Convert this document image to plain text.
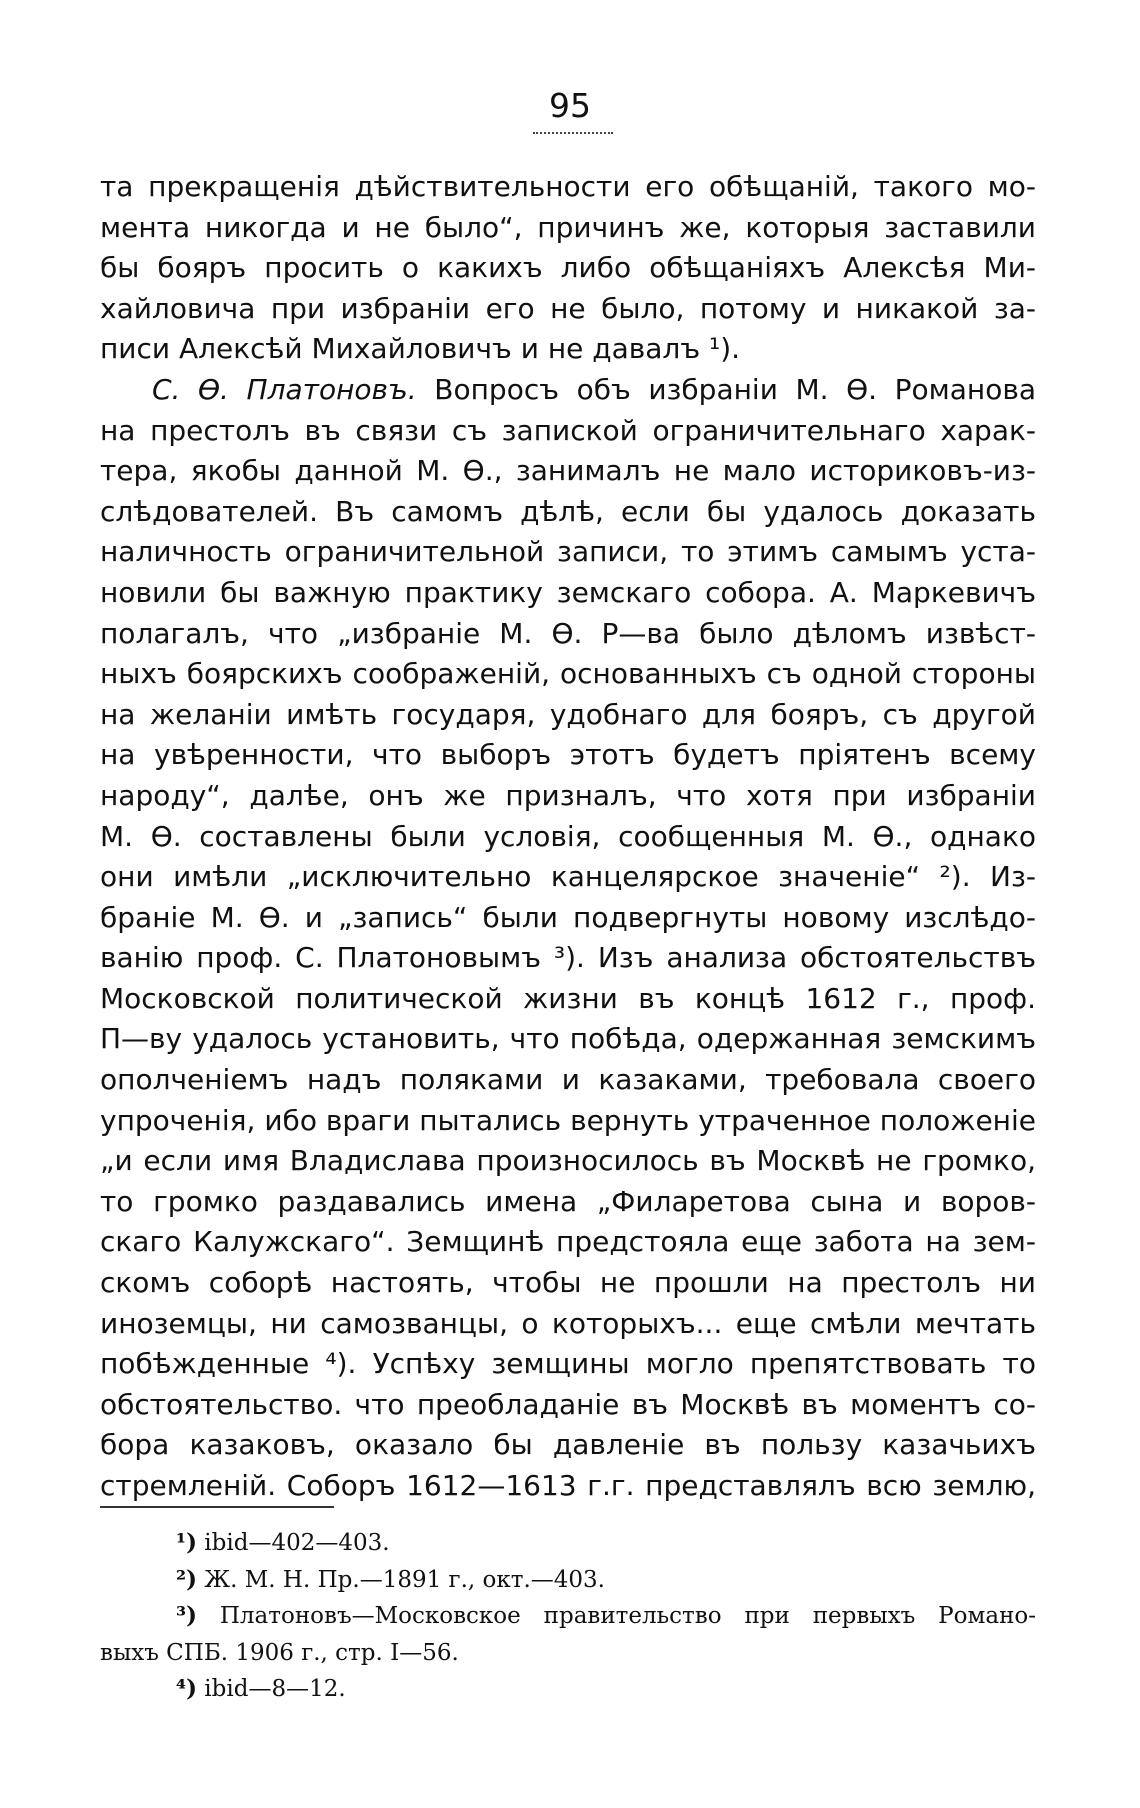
95
та прекращенія дѣйствительности его обѣщаній, такого мо-
мента никогда и не было“, причинъ же, которыя заставили
бы бояръ просить о какихъ либо обѣщаніяхъ Алексѣя Ми-
хайловича при избраніи его не было, потому и никакой за-
писи Алексѣй Михайловичъ и не давалъ ¹).
С. Ѳ. Платоновъ. Вопросъ объ избраніи М. Ѳ. Романова
на престолъ въ связи съ запиской ограничительнаго харак-
тера, якобы данной М. Ѳ., занималъ не мало историковъ-из-
слѣдователей. Въ самомъ дѣлѣ, если бы удалось доказать
наличность ограничительной записи, то этимъ самымъ уста-
новили бы важную практику земскаго собора. А. Маркевичъ
полагалъ, что „избраніе М. Ѳ. Р—ва было дѣломъ извѣст-
ныхъ боярскихъ соображеній, основанныхъ съ одной стороны
на желаніи имѣть государя, удобнаго для бояръ, съ другой
на увѣренности, что выборъ этотъ будетъ пріятенъ всему
народу“, далѣе, онъ же призналъ, что хотя при избраніи
М. Ѳ. составлены были условія, сообщенныя М. Ѳ., однако
они имѣли „исключительно канцелярское значеніе“ ²). Из-
браніе М. Ѳ. и „запись“ были подвергнуты новому изслѣдо-
ванію проф. С. Платоновымъ ³). Изъ анализа обстоятельствъ
Московской политической жизни въ концѣ 1612 г., проф.
П—ву удалось установить, что побѣда, одержанная земскимъ
ополченіемъ надъ поляками и казаками, требовала своего
упроченія, ибо враги пытались вернуть утраченное положеніе
„и если имя Владислава произносилось въ Москвѣ не громко,
то громко раздавались имена „Филаретова сына и воров-
скаго Калужскаго“. Земщинѣ предстояла еще забота на зем-
скомъ соборѣ настоять, чтобы не прошли на престолъ ни
иноземцы, ни самозванцы, о которыхъ... еще смѣли мечтать
побѣжденные ⁴). Успѣху земщины могло препятствовать то
обстоятельство. что преобладаніе въ Москвѣ въ моментъ со-
бора казаковъ, оказало бы давленіе въ пользу казачьихъ
стремленій. Соборъ 1612—1613 г.г. представлялъ всю землю,
¹) ibid—402—403.
²) Ж. М. Н. Пр.—1891 г., окт.—403.
³) Платоновъ—Московское правительство при первыхъ Романо-
выхъ СПБ. 1906 г., стр. I—56.
⁴) ibid—8—12.
